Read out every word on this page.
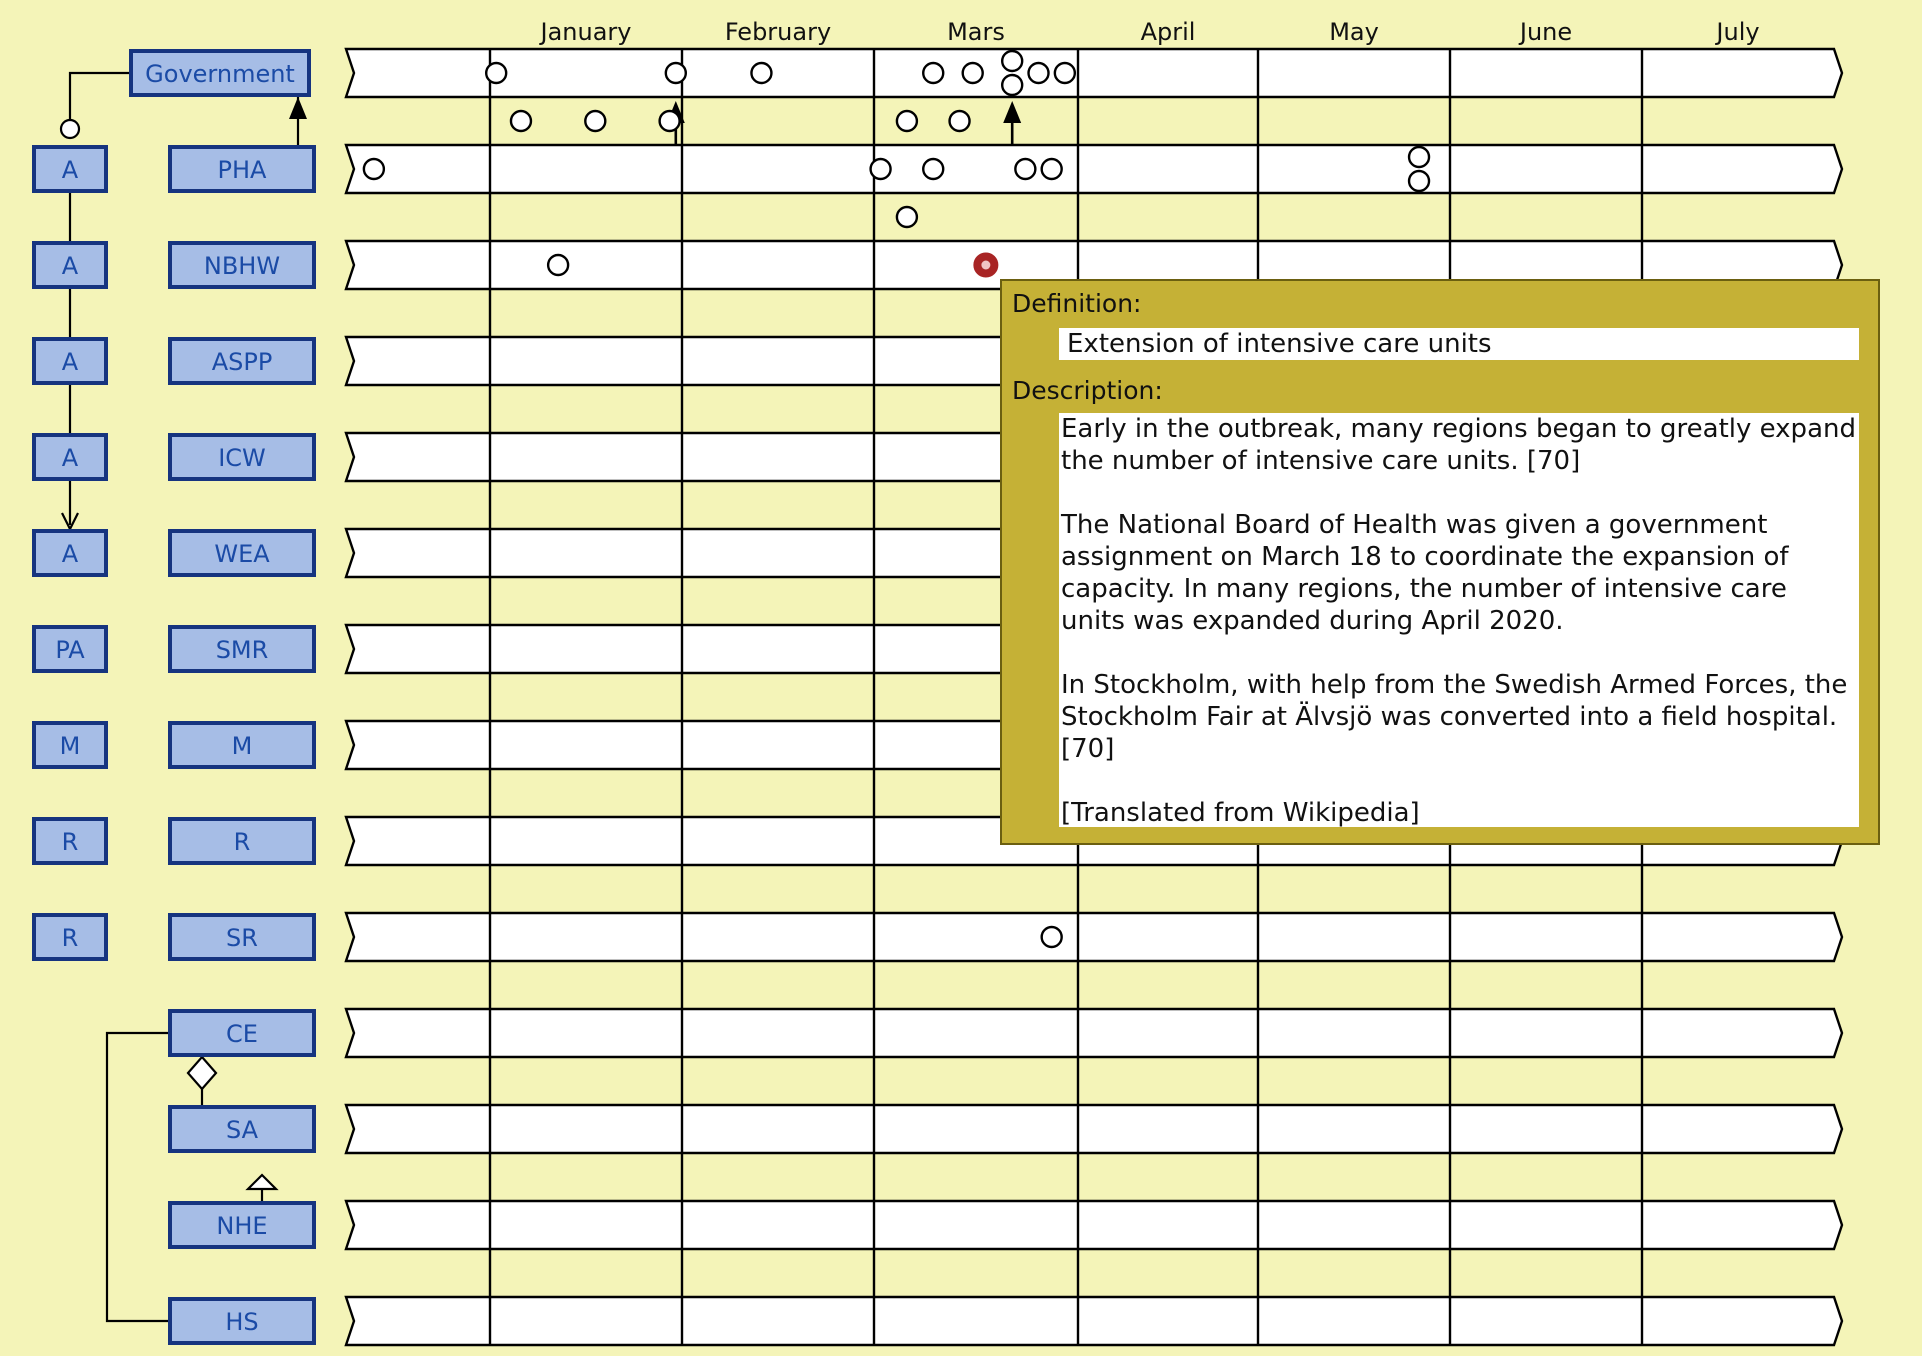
January	February	Mars	April	May	June	July
Government
A	PHA
A	NBHW
A	ASPP
A	ICW
A	WEA
PA	SMR
M	M
R	R
R	SR
CE
SA
NHE
HS
Definition:
Extension of intensive care units
Description:

Early in the outbreak, many regions began to greatly expand the number of intensive care units. [70]

The National Board of Health was given a government assignment on March 18 to coordinate the expansion of capacity. In many regions, the number of intensive care units was expanded during April 2020.

In Stockholm, with help from the Swedish Armed Forces, the Stockholm Fair at Älvsjö was converted into a field hospital. [70]

[Translated from Wikipedia]
